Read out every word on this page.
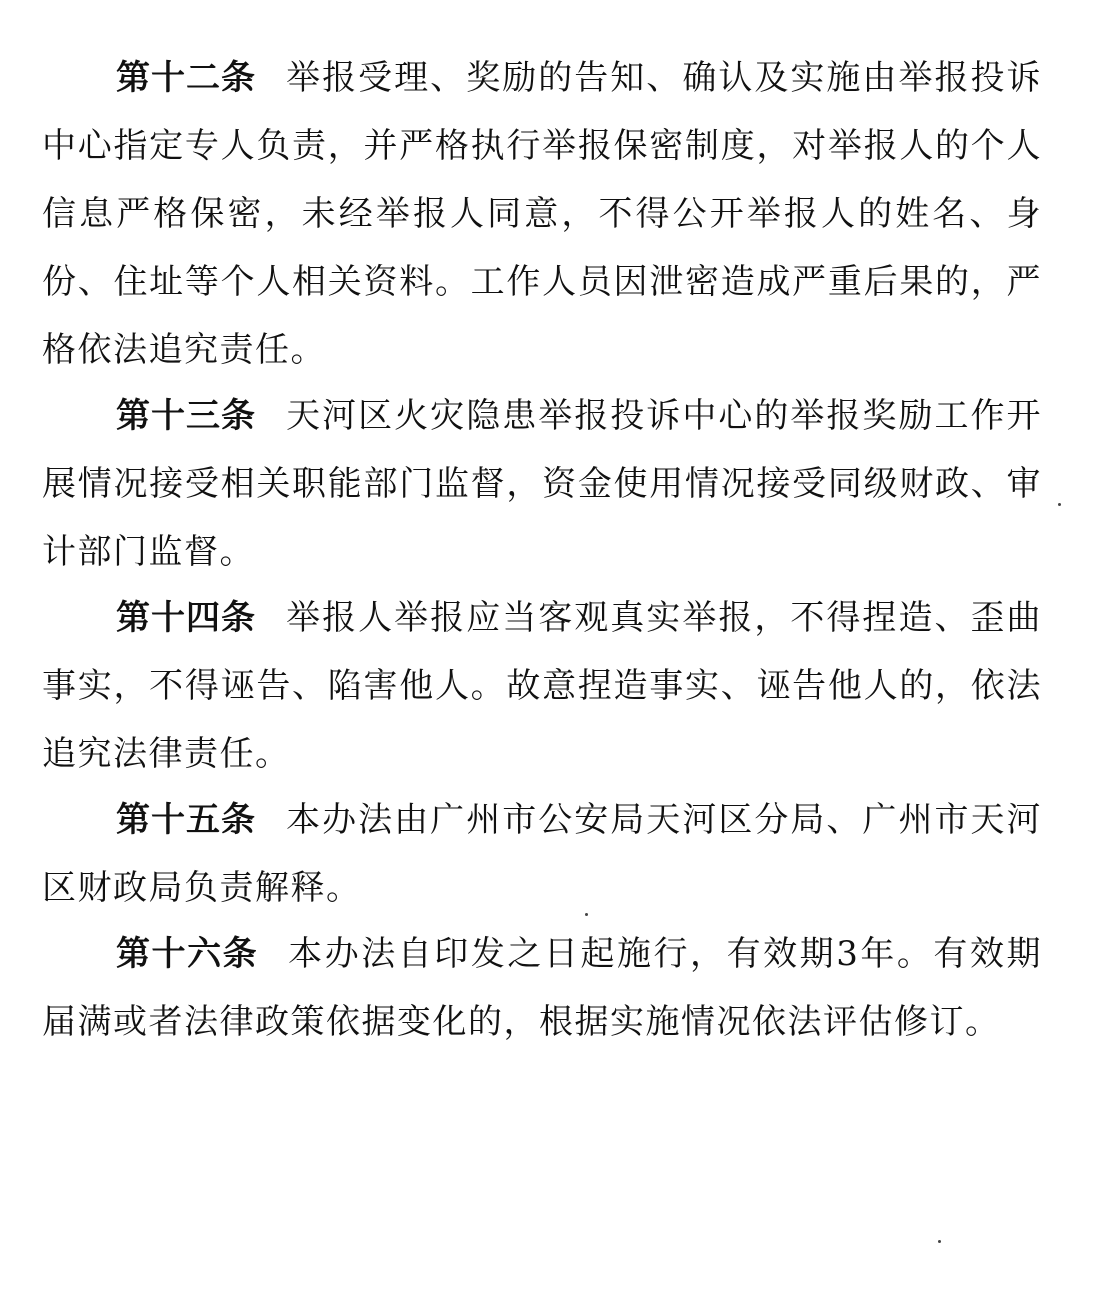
第十二条 举报受理、奖励的告知、确认及实施由举报投诉中心指定专人负责，并严格执行举报保密制度，对举报人的个人信息严格保密，未经举报人同意，不得公开举报人的姓名、身份、住址等个人相关资料。工作人员因泄密造成严重后果的，严格依法追究责任。

第十三条 天河区火灾隐患举报投诉中心的举报奖励工作开展情况接受相关职能部门监督，资金使用情况接受同级财政、审计部门监督。

第十四条 举报人举报应当客观真实举报，不得捏造、歪曲事实，不得诬告、陷害他人。故意捏造事实、诬告他人的，依法追究法律责任。

第十五条 本办法由广州市公安局天河区分局、广州市天河区财政局负责解释。

第十六条 本办法自印发之日起施行，有效期3年。有效期届满或者法律政策依据变化的，根据实施情况依法评估修订。
